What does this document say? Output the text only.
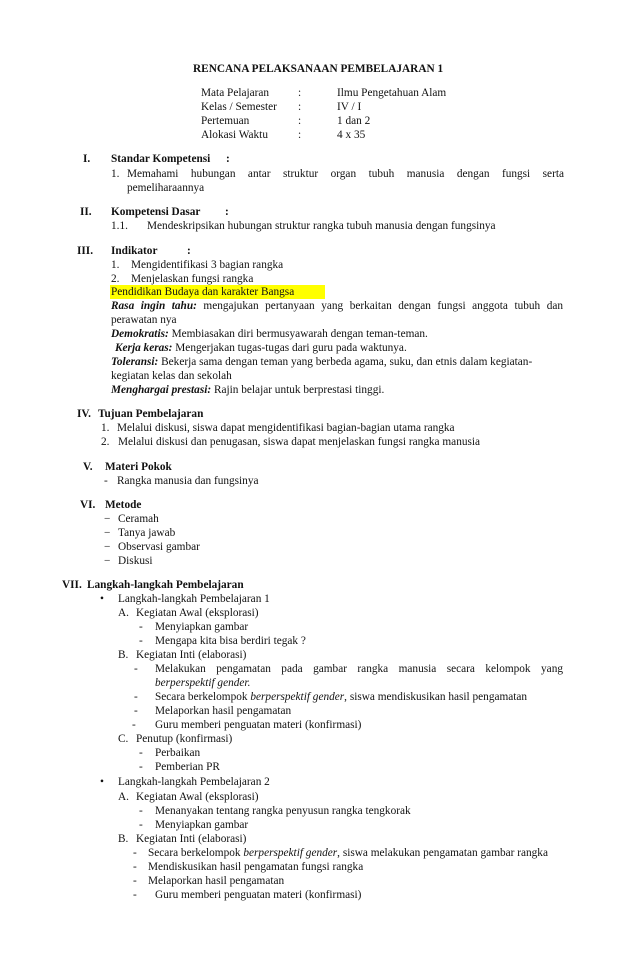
RENCANA PELAKSANAAN PEMBELAJARAN 1
Mata Pelajaran	:	Ilmu Pengetahuan Alam
Kelas / Semester :	IV / I
Pertemuan	:	1 dan 2
Alokasi Waktu	:	4 x 35
I. Standar Kompetensi :
1. Memahami hubungan antar struktur organ tubuh manusia dengan fungsi serta
pemeliharaannya
II. Kompetensi Dasar :
1.1. Mendeskripsikan hubungan struktur rangka tubuh manusia dengan fungsinya
III. Indikator	:
1. Mengidentifikasi 3 bagian rangka
2. Menjelaskan fungsi rangka
Pendidikan Budaya dan karakter Bangsa
Rasa ingin tahu: mengajukan pertanyaan yang berkaitan dengan fungsi anggota tubuh dan
perawatan nya
Demokratis: Membiasakan diri bermusyawarah dengan teman-teman.
Kerja keras: Mengerjakan tugas-tugas dari guru pada waktunya.
Toleransi: Bekerja sama dengan teman yang berbeda agama, suku, dan etnis dalam kegiatan-
kegiatan kelas dan sekolah
Menghargai prestasi: Rajin belajar untuk berprestasi tinggi.
IV. Tujuan Pembelajaran
1. Melalui diskusi, siswa dapat mengidentifikasi bagian-bagian utama rangka
2. Melalui diskusi dan penugasan, siswa dapat menjelaskan fungsi rangka manusia
V. Materi Pokok
- Rangka manusia dan fungsinya
VI. Metode
− Ceramah
− Tanya jawab
− Observasi gambar
− Diskusi
VII. Langkah-langkah Pembelajaran
• Langkah-langkah Pembelajaran 1
A. Kegiatan Awal (eksplorasi)
- Menyiapkan gambar
- Mengapa kita bisa berdiri tegak ?
B. Kegiatan Inti (elaborasi)
- Melakukan pengamatan pada gambar rangka manusia secara kelompok yang
berperspektif gender.
- Secara berkelompok berperspektif gender, siswa mendiskusikan hasil pengamatan
- Melaporkan hasil pengamatan
- Guru memberi penguatan materi (konfirmasi)
C. Penutup (konfirmasi)
- Perbaikan
- Pemberian PR
• Langkah-langkah Pembelajaran 2
A. Kegiatan Awal (eksplorasi)
- Menanyakan tentang rangka penyusun rangka tengkorak
- Menyiapkan gambar
B. Kegiatan Inti (elaborasi)
- Secara berkelompok berperspektif gender, siswa melakukan pengamatan gambar rangka
- Mendiskusikan hasil pengamatan fungsi rangka
- Melaporkan hasil pengamatan
- Guru memberi penguatan materi (konfirmasi)
